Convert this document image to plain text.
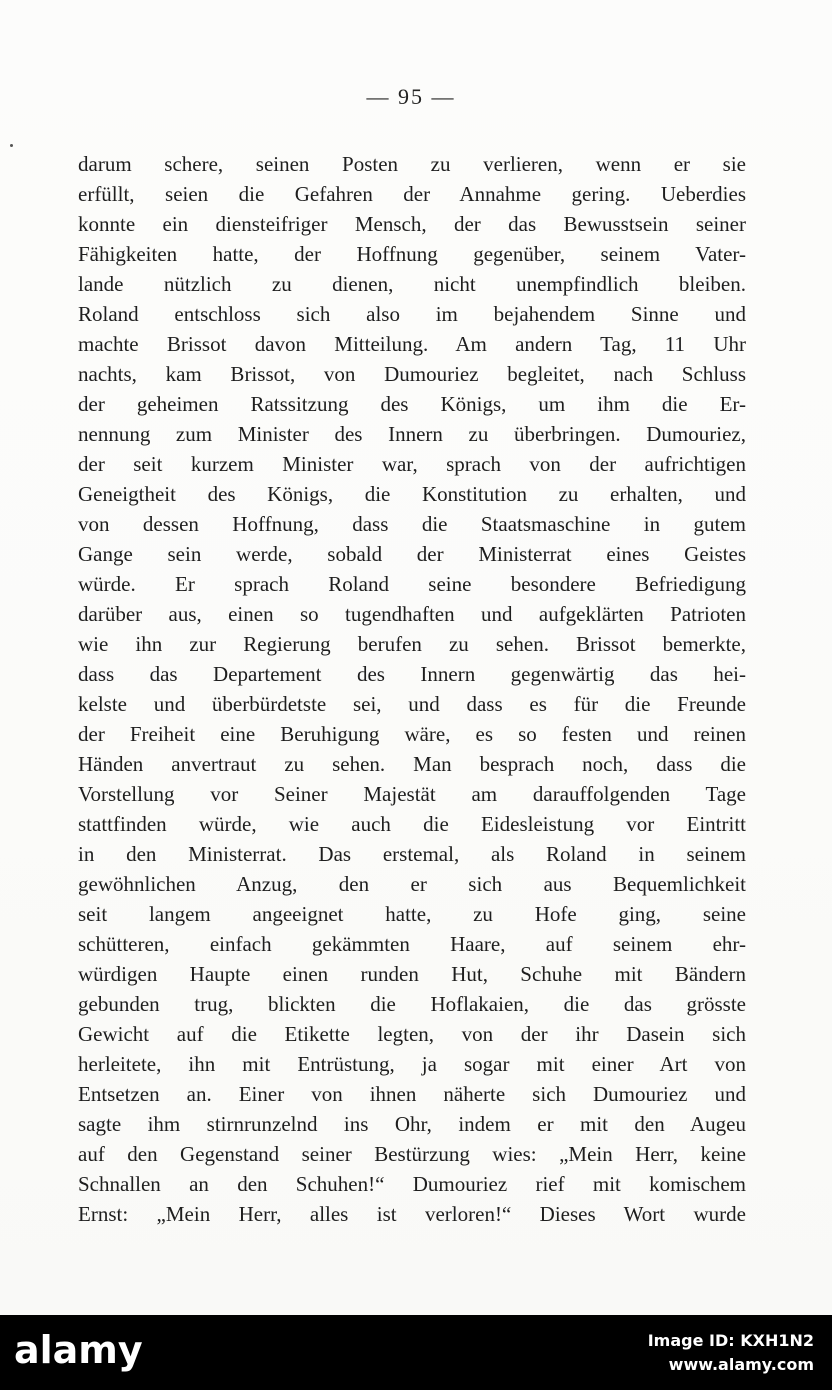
— 95 —
darum schere, seinen Posten zu verlieren, wenn er sie
erfüllt, seien die Gefahren der Annahme gering. Ueberdies
konnte ein diensteifriger Mensch, der das Bewusstsein seiner
Fähigkeiten hatte, der Hoffnung gegenüber, seinem Vater-
lande nützlich zu dienen, nicht unempfindlich bleiben.
Roland entschloss sich also im bejahendem Sinne und
machte Brissot davon Mitteilung. Am andern Tag, 11 Uhr
nachts, kam Brissot, von Dumouriez begleitet, nach Schluss
der geheimen Ratssitzung des Königs, um ihm die Er-
nennung zum Minister des Innern zu überbringen. Dumouriez,
der seit kurzem Minister war, sprach von der aufrichtigen
Geneigtheit des Königs, die Konstitution zu erhalten, und
von dessen Hoffnung, dass die Staatsmaschine in gutem
Gange sein werde, sobald der Ministerrat eines Geistes
würde. Er sprach Roland seine besondere Befriedigung
darüber aus, einen so tugendhaften und aufgeklärten Patrioten
wie ihn zur Regierung berufen zu sehen. Brissot bemerkte,
dass das Departement des Innern gegenwärtig das hei-
kelste und überbürdetste sei, und dass es für die Freunde
der Freiheit eine Beruhigung wäre, es so festen und reinen
Händen anvertraut zu sehen. Man besprach noch, dass die
Vorstellung vor Seiner Majestät am darauffolgenden Tage
stattfinden würde, wie auch die Eidesleistung vor Eintritt
in den Ministerrat. Das erstemal, als Roland in seinem
gewöhnlichen Anzug, den er sich aus Bequemlichkeit
seit langem angeeignet hatte, zu Hofe ging, seine
schütteren, einfach gekämmten Haare, auf seinem ehr-
würdigen Haupte einen runden Hut, Schuhe mit Bändern
gebunden trug, blickten die Hoflakaien, die das grösste
Gewicht auf die Etikette legten, von der ihr Dasein sich
herleitete, ihn mit Entrüstung, ja sogar mit einer Art von
Entsetzen an. Einer von ihnen näherte sich Dumouriez und
sagte ihm stirnrunzelnd ins Ohr, indem er mit den Augeu
auf den Gegenstand seiner Bestürzung wies: „Mein Herr, keine
Schnallen an den Schuhen!“ Dumouriez rief mit komischem
Ernst: „Mein Herr, alles ist verloren!“ Dieses Wort wurde
alamy	Image ID: KXH1N2
www.alamy.com
